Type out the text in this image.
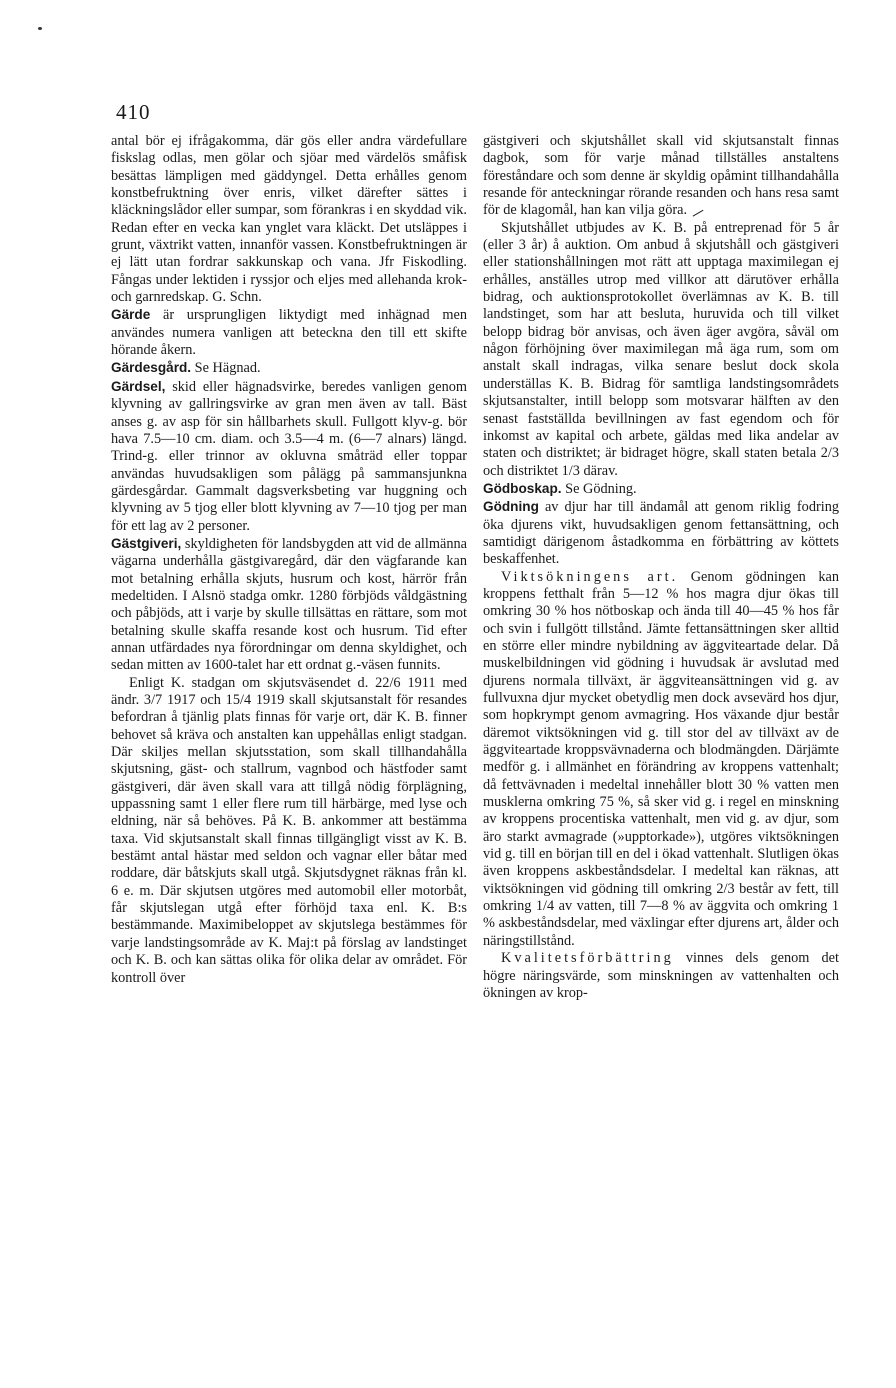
410

antal bör ej ifrågakomma, där gös eller andra värdefullare fiskslag odlas, men gölar och sjöar med värdelös småfisk besättas lämpligen med gäddyngel. Detta erhålles genom konstbefruktning över enris, vilket därefter sättes i kläckningslådor eller sumpar, som förankras i en skyddad vik. Redan efter en vecka kan ynglet vara kläckt. Det utsläppes i grunt, växtrikt vatten, innanför vassen. Konstbefruktningen är ej lätt utan fordrar sakkunskap och vana. Jfr Fiskodling. Fångas under lektiden i ryssjor och eljes med allehanda krok- och garnredskap. G. Schn.

Gärde är ursprungligen liktydigt med inhägnad men användes numera vanligen att beteckna den till ett skifte hörande åkern.

Gärdesgård. Se Hägnad.

Gärdsel, skid eller hägnadsvirke, beredes vanligen genom klyvning av gallringsvirke av gran men även av tall. Bäst anses g. av asp för sin hållbarhets skull. Fullgott klyv-g. bör hava 7.5—10 cm. diam. och 3.5—4 m. (6—7 alnars) längd. Trind-g. eller trinnor av okluvna småträd eller toppar användas huvudsakligen som pålägg på sammansjunkna gärdesgårdar. Gammalt dagsverksbeting var huggning och klyvning av 5 tjog eller blott klyvning av 7—10 tjog per man för ett lag av 2 personer.

Gästgiveri, skyldigheten för landsbygden att vid de allmänna vägarna underhålla gästgivaregård, där den vägfarande kan mot betalning erhålla skjuts, husrum och kost, härrör från medeltiden. I Alsnö stadga omkr. 1280 förbjöds våldgästning och påbjöds, att i varje by skulle tillsättas en rättare, som mot betalning skulle skaffa resande kost och husrum. Tid efter annan utfärdades nya förordningar om denna skyldighet, och sedan mitten av 1600-talet har ett ordnat g.-väsen funnits.

Enligt K. stadgan om skjutsväsendet d. 22/6 1911 med ändr. 3/7 1917 och 15/4 1919 skall skjutsanstalt för resandes befordran å tjänlig plats finnas för varje ort, där K. B. finner behovet så kräva och anstalten kan uppehållas enligt stadgan. Där skiljes mellan skjutsstation, som skall tillhandahålla skjutsning, gäst- och stallrum, vagnbod och hästfoder samt gästgiveri, där även skall vara att tillgå nödig förplägning, uppassning samt 1 eller flere rum till härbärge, med lyse och eldning, när så behöves. På K. B. ankommer att bestämma taxa. Vid skjutsanstalt skall finnas tillgängligt visst av K. B. bestämt antal hästar med seldon och vagnar eller båtar med roddare, där båtskjuts skall utgå. Skjutsdygnet räknas från kl. 6 e. m. Där skjutsen utgöres med automobil eller motorbåt, får skjutslegan utgå efter förhöjd taxa enl. K. B:s bestämmande. Maximibeloppet av skjutslega bestämmes för varje landstingsområde av K. Maj:t på förslag av landstinget och K. B. och kan sättas olika för olika delar av området. För kontroll över

gästgiveri och skjutshållet skall vid skjutsanstalt finnas dagbok, som för varje månad tillställes anstaltens föreståndare och som denne är skyldig opåmint tillhandahålla resande för anteckningar rörande resanden och hans resa samt för de klagomål, han kan vilja göra.

Skjutshållet utbjudes av K. B. på entreprenad för 5 år (eller 3 år) å auktion. Om anbud å skjutshåll och gästgiveri eller stationshållningen mot rätt att upptaga maximilegan ej erhålles, anställes utrop med villkor att därutöver erhålla bidrag, och auktionsprotokollet överlämnas av K. B. till landstinget, som har att besluta, huruvida och till vilket belopp bidrag bör anvisas, och även äger avgöra, såväl om någon förhöjning över maximilegan må äga rum, som om anstalt skall indragas, vilka senare beslut dock skola underställas K. B. Bidrag för samtliga landstingsområdets skjutsanstalter, intill belopp som motsvarar hälften av den senast fastställda bevillningen av fast egendom och för inkomst av kapital och arbete, gäldas med lika andelar av staten och distriktet; är bidraget högre, skall staten betala 2/3 och distriktet 1/3 därav.

Gödboskap. Se Gödning.

Gödning av djur har till ändamål att genom riklig fodring öka djurens vikt, huvudsakligen genom fettansättning, och samtidigt därigenom åstadkomma en förbättring av köttets beskaffenhet.

Viktsökningens art. Genom gödningen kan kroppens fetthalt från 5—12 % hos magra djur ökas till omkring 30 % hos nötboskap och ända till 40—45 % hos får och svin i fullgött tillstånd. Jämte fettansättningen sker alltid en större eller mindre nybildning av äggviteartade delar. Då muskelbildningen vid gödning i huvudsak är avslutad med djurens normala tillväxt, är äggviteansättningen vid g. av fullvuxna djur mycket obetydlig men dock avsevärd hos djur, som hopkrympt genom avmagring. Hos växande djur består däremot viktsökningen vid g. till stor del av tillväxt av de äggviteartade kroppsvävnaderna och blodmängden. Därjämte medför g. i allmänhet en förändring av kroppens vattenhalt; då fettvävnaden i medeltal innehåller blott 30 % vatten men musklerna omkring 75 %, så sker vid g. i regel en minskning av kroppens procentiska vattenhalt, men vid g. av djur, som äro starkt avmagrade (»upptorkade»), utgöres viktsökningen vid g. till en början till en del i ökad vattenhalt. Slutligen ökas även kroppens askbeståndsdelar. I medeltal kan räknas, att viktsökningen vid gödning till omkring 2/3 består av fett, till omkring 1/4 av vatten, till 7—8 % av äggvita och omkring 1 % askbeståndsdelar, med växlingar efter djurens art, ålder och näringstillstånd.

Kvalitetsförbättring vinnes dels genom det högre näringsvärde, som minskningen av vattenhalten och ökningen av krop-
